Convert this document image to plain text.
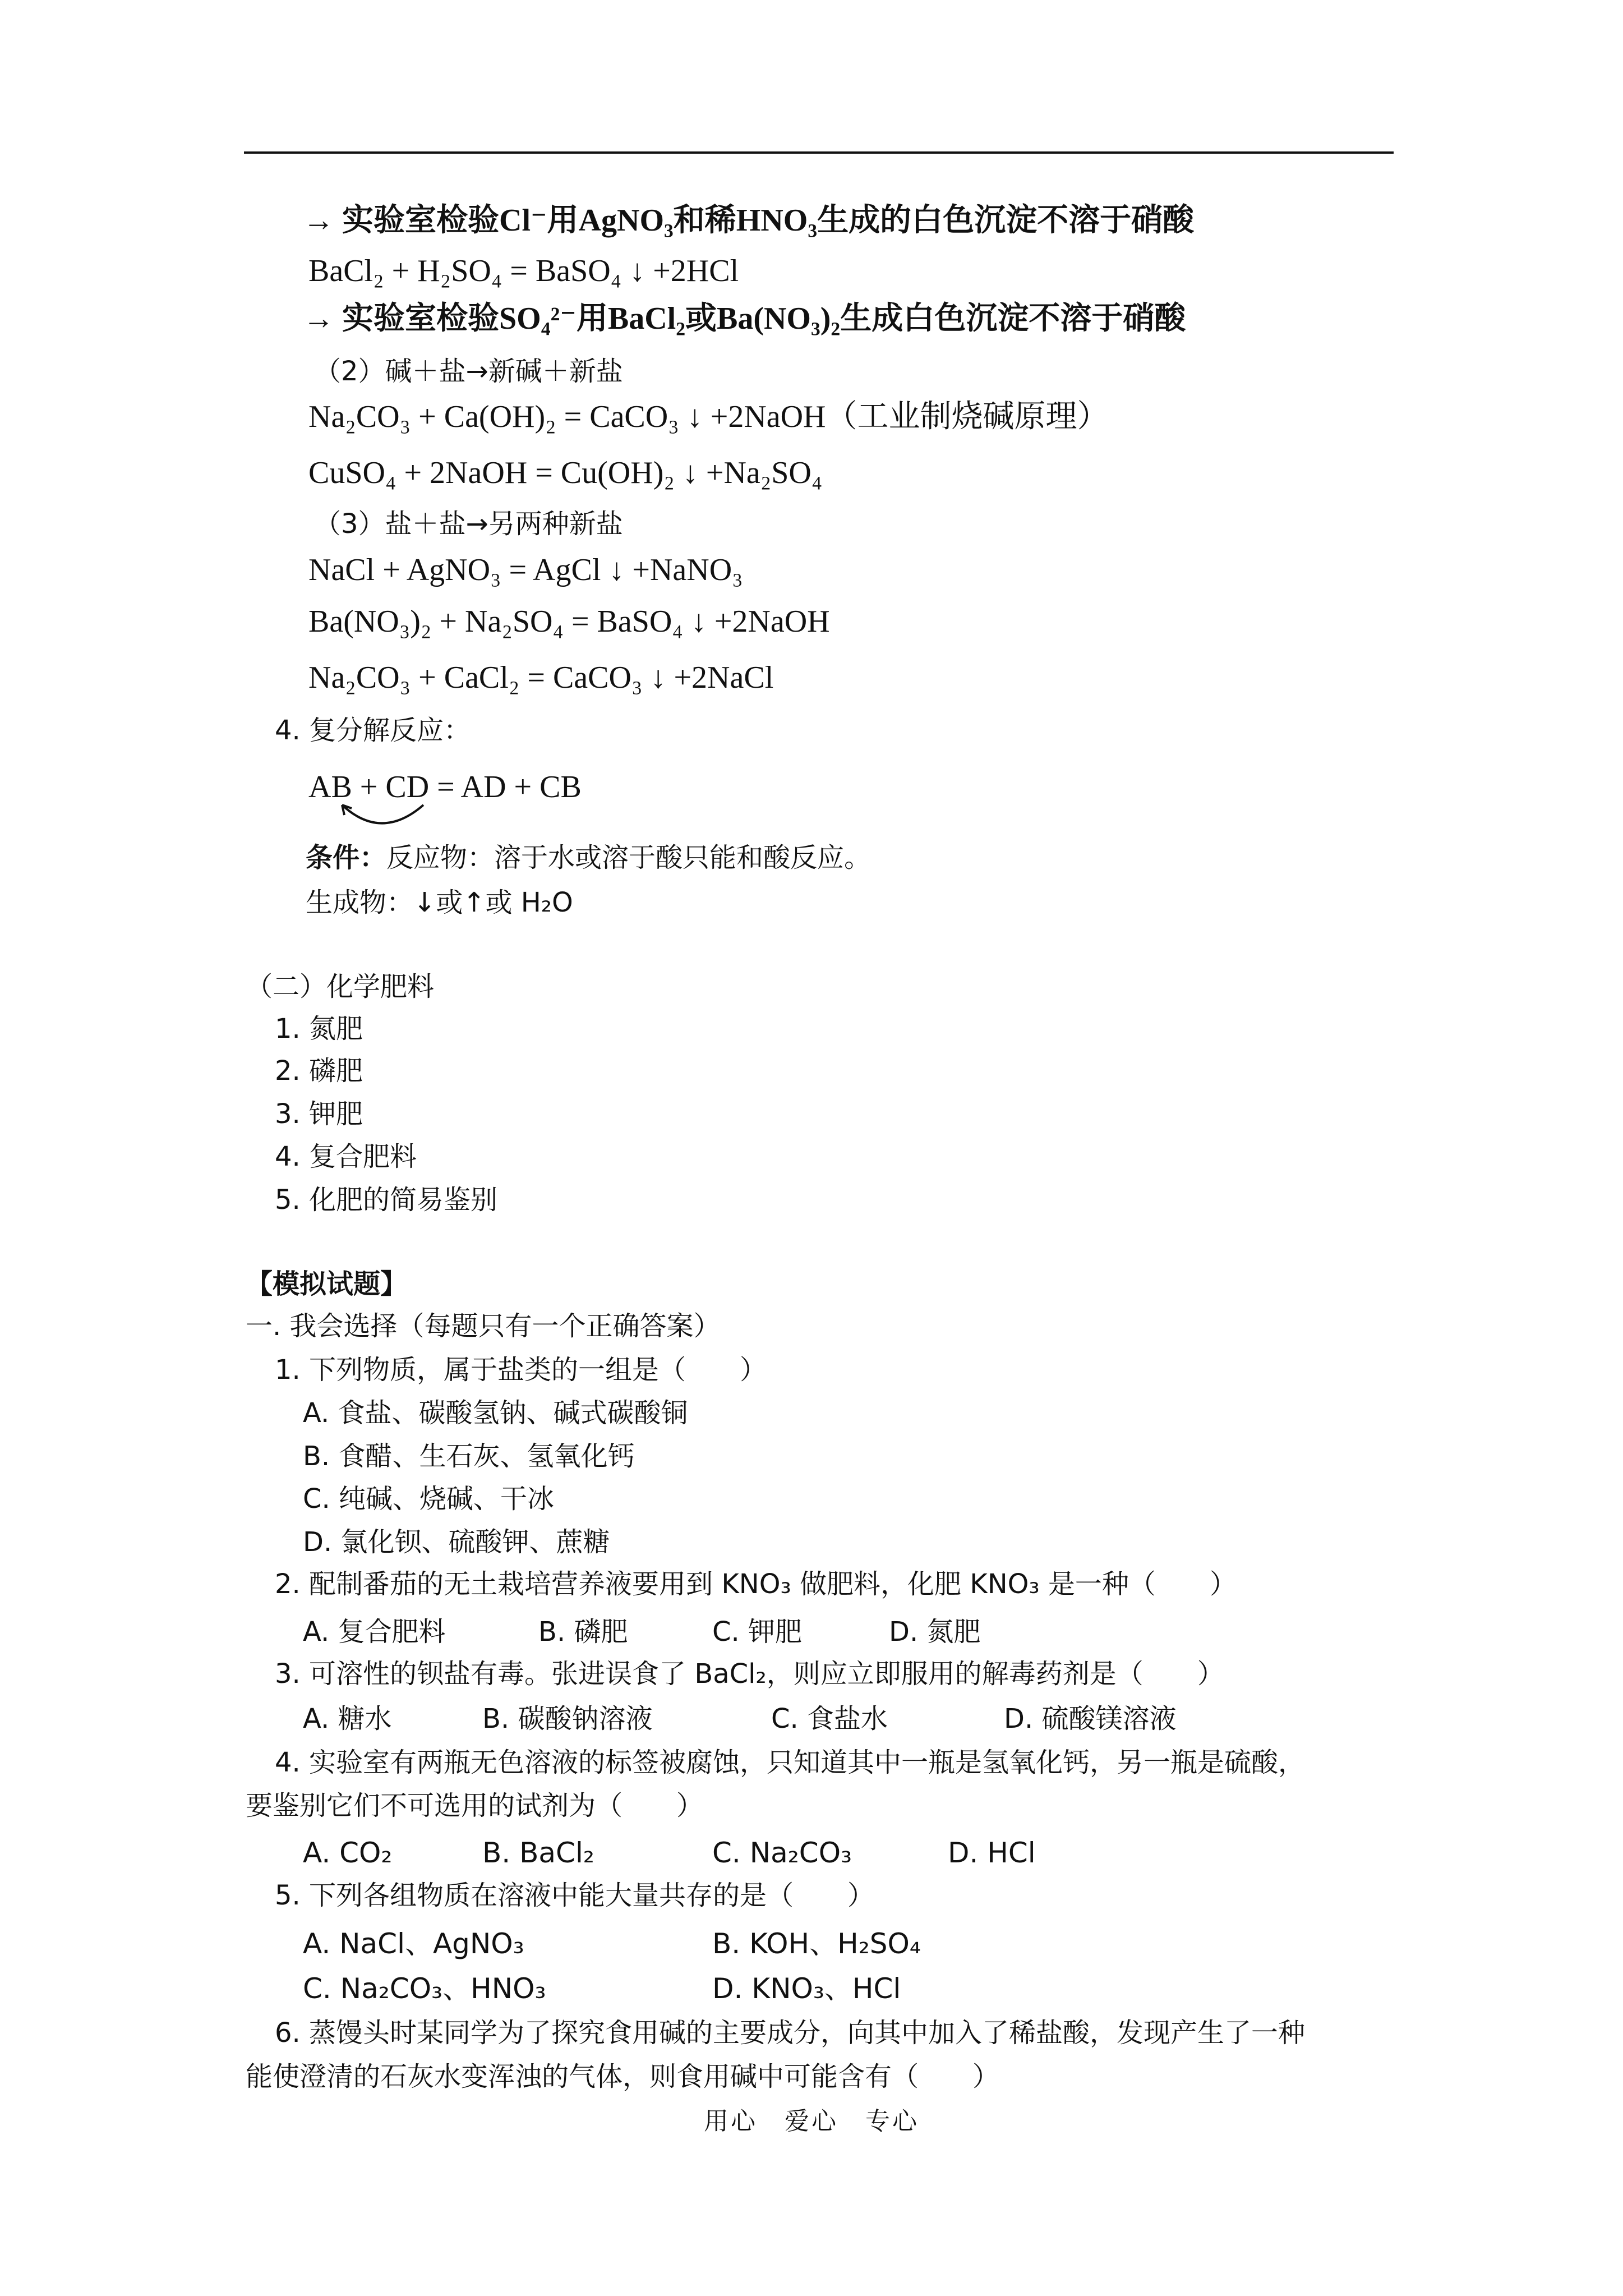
→ 实验室检验Cl⁻用AgNO₃和稀HNO₃生成的白色沉淀不溶于硝酸
BaCl₂ + H₂SO₄ = BaSO₄ ↓ +2HCl
→ 实验室检验SO₄²⁻用BaCl₂或Ba(NO₃)₂生成白色沉淀不溶于硝酸
（2）碱＋盐→新碱＋新盐
Na₂CO₃ + Ca(OH)₂ = CaCO₃ ↓ +2NaOH（工业制烧碱原理）
CuSO₄ + 2NaOH = Cu(OH)₂ ↓ +Na₂SO₄
（3）盐＋盐→另两种新盐
NaCl + AgNO₃ = AgCl ↓ +NaNO₃
Ba(NO₃)₂ + Na₂SO₄ = BaSO₄ ↓ +2NaOH
Na₂CO₃ + CaCl₂ = CaCO₃ ↓ +2NaCl
4. 复分解反应：
AB + CD = AD + CB
条件：反应物：溶于水或溶于酸只能和酸反应。
生成物：↓或↑或 H₂O
（二）化学肥料
1. 氮肥
2. 磷肥
3. 钾肥
4. 复合肥料
5. 化肥的简易鉴别
【模拟试题】
一. 我会选择（每题只有一个正确答案）
1. 下列物质，属于盐类的一组是（　　）
A. 食盐、碳酸氢钠、碱式碳酸铜
B. 食醋、生石灰、氢氧化钙
C. 纯碱、烧碱、干冰
D. 氯化钡、硫酸钾、蔗糖
2. 配制番茄的无土栽培营养液要用到 KNO₃ 做肥料，化肥 KNO₃ 是一种（　　）
A. 复合肥料	B. 磷肥	C. 钾肥	D. 氮肥
3. 可溶性的钡盐有毒。张进误食了 BaCl₂，则应立即服用的解毒药剂是（　　）
A. 糖水	B. 碳酸钠溶液	C. 食盐水	D. 硫酸镁溶液
4. 实验室有两瓶无色溶液的标签被腐蚀，只知道其中一瓶是氢氧化钙，另一瓶是硫酸，
要鉴别它们不可选用的试剂为（　　）
A. CO₂	B. BaCl₂	C. Na₂CO₃	D. HCl
5. 下列各组物质在溶液中能大量共存的是（　　）
A. NaCl、AgNO₃	B. KOH、H₂SO₄
C. Na₂CO₃、HNO₃	D. KNO₃、HCl
6. 蒸馒头时某同学为了探究食用碱的主要成分，向其中加入了稀盐酸，发现产生了一种
能使澄清的石灰水变浑浊的气体，则食用碱中可能含有（　　）
用心　爱心　专心
